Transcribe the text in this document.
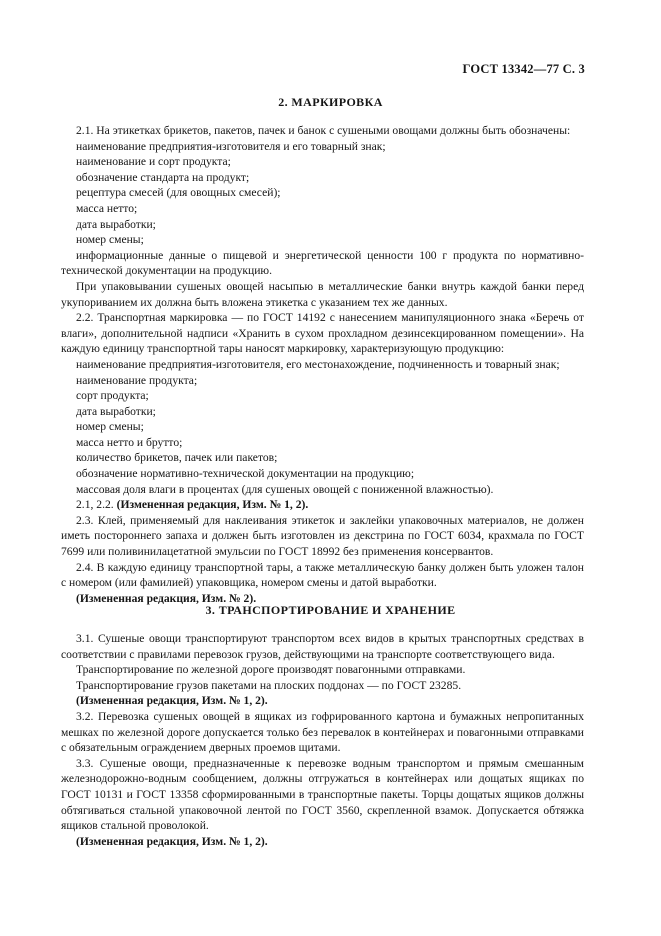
ГОСТ 13342—77 С. 3
2. МАРКИРОВКА

2.1. На этикетках брикетов, пакетов, пачек и банок с сушеными овощами должны быть обозначены:

наименование предприятия-изготовителя и его товарный знак;

наименование и сорт продукта;

обозначение стандарта на продукт;

рецептура смесей (для овощных смесей);

масса нетто;

дата выработки;

номер смены;

информационные данные о пищевой и энергетической ценности 100 г продукта по нормативно-технической документации на продукцию.

При упаковывании сушеных овощей насыпью в металлические банки внутрь каждой банки перед укупориванием их должна быть вложена этикетка с указанием тех же данных.

2.2. Транспортная маркировка — по ГОСТ 14192 с нанесением манипуляционного знака «Беречь от влаги», дополнительной надписи «Хранить в сухом прохладном дезинсекцированном помещении». На каждую единицу транспортной тары наносят маркировку, характеризующую продукцию:

наименование предприятия-изготовителя, его местонахождение, подчиненность и товарный знак;

наименование продукта;

сорт продукта;

дата выработки;

номер смены;

масса нетто и брутто;

количество брикетов, пачек или пакетов;

обозначение нормативно-технической документации на продукцию;

массовая доля влаги в процентах (для сушеных овощей с пониженной влажностью).

2.1, 2.2. (Измененная редакция, Изм. № 1, 2).

2.3. Клей, применяемый для наклеивания этикеток и заклейки упаковочных материалов, не должен иметь постороннего запаха и должен быть изготовлен из декстрина по ГОСТ 6034, крахмала по ГОСТ 7699 или поливинилацетатной эмульсии по ГОСТ 18992 без применения консервантов.

2.4. В каждую единицу транспортной тары, а также металлическую банку должен быть уложен талон с номером (или фамилией) упаковщика, номером смены и датой выработки.

(Измененная редакция, Изм. № 2).

3. ТРАНСПОРТИРОВАНИЕ И ХРАНЕНИЕ

3.1. Сушеные овощи транспортируют транспортом всех видов в крытых транспортных средствах в соответствии с правилами перевозок грузов, действующими на транспорте соответствующего вида.

Транспортирование по железной дороге производят повагонными отправками.

Транспортирование грузов пакетами на плоских поддонах — по ГОСТ 23285.

(Измененная редакция, Изм. № 1, 2).

3.2. Перевозка сушеных овощей в ящиках из гофрированного картона и бумажных непропитанных мешках по железной дороге допускается только без перевалок в контейнерах и повагонными отправками с обязательным ограждением дверных проемов щитами.

3.3. Сушеные овощи, предназначенные к перевозке водным транспортом и прямым смешанным железнодорожно-водным сообщением, должны отгружаться в контейнерах или дощатых ящиках по ГОСТ 10131 и ГОСТ 13358 сформированными в транспортные пакеты. Торцы дощатых ящиков должны обтягиваться стальной упаковочной лентой по ГОСТ 3560, скрепленной взамок. Допускается обтяжка ящиков стальной проволокой.

(Измененная редакция, Изм. № 1, 2).
